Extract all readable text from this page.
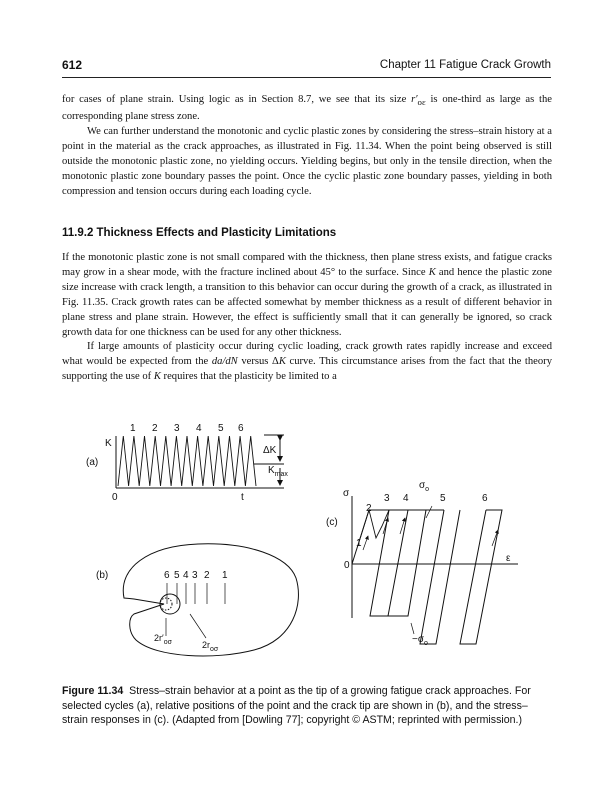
612	Chapter 11 Fatigue Crack Growth

for cases of plane strain. Using logic as in Section 8.7, we see that its size $r'_{o\varepsilon}$ is one-third as large as the corresponding plane stress zone.

We can further understand the monotonic and cyclic plastic zones by considering the stress–strain history at a point in the material as the crack approaches, as illustrated in Fig. 11.34. When the point being observed is still outside the monotonic plastic zone, no yielding occurs. Yielding begins, but only in the tensile direction, when the monotonic plastic zone boundary passes the point. Once the cyclic plastic zone boundary passes, yielding in both compression and tension occurs during each loading cycle.

11.9.2 Thickness Effects and Plasticity Limitations

If the monotonic plastic zone is not small compared with the thickness, then plane stress exists, and fatigue cracks may grow in a shear mode, with the fracture inclined about 45° to the surface. Since K and hence the plastic zone size increase with crack length, a transition to this behavior can occur during the growth of a crack, as illustrated in Fig. 11.35. Crack growth rates can be affected somewhat by member thickness as a result of different behavior in plane stress and plane strain. However, the effect is sufficiently small that it can generally be ignored, so crack growth data for one thickness can be used for any other thickness.

If large amounts of plasticity occur during cyclic loading, crack growth rates rapidly increase and exceed what would be expected from the da/dN versus ΔK curve. This circumstance arises from the fact that the theory supporting the use of K requires that the plasticity be limited to a

(a)
K
0	t
ΔK
$K_{max}$
1 2 3 4 5 6
(b)	6 5 4 3 2 1
$2r'_{o\sigma}$	$2r_{o\sigma}$
(c)
σ
ε
0
$\sigma_o$
$-\sigma_o$
1
2
3 4	5	6
Figure 11.34 Stress–strain behavior at a point as the tip of a growing fatigue crack approaches. For selected cycles (a), relative positions of the point and the crack tip are shown in (b), and the stress–strain responses in (c). (Adapted from [Dowling 77]; copyright © ASTM; reprinted with permission.)
